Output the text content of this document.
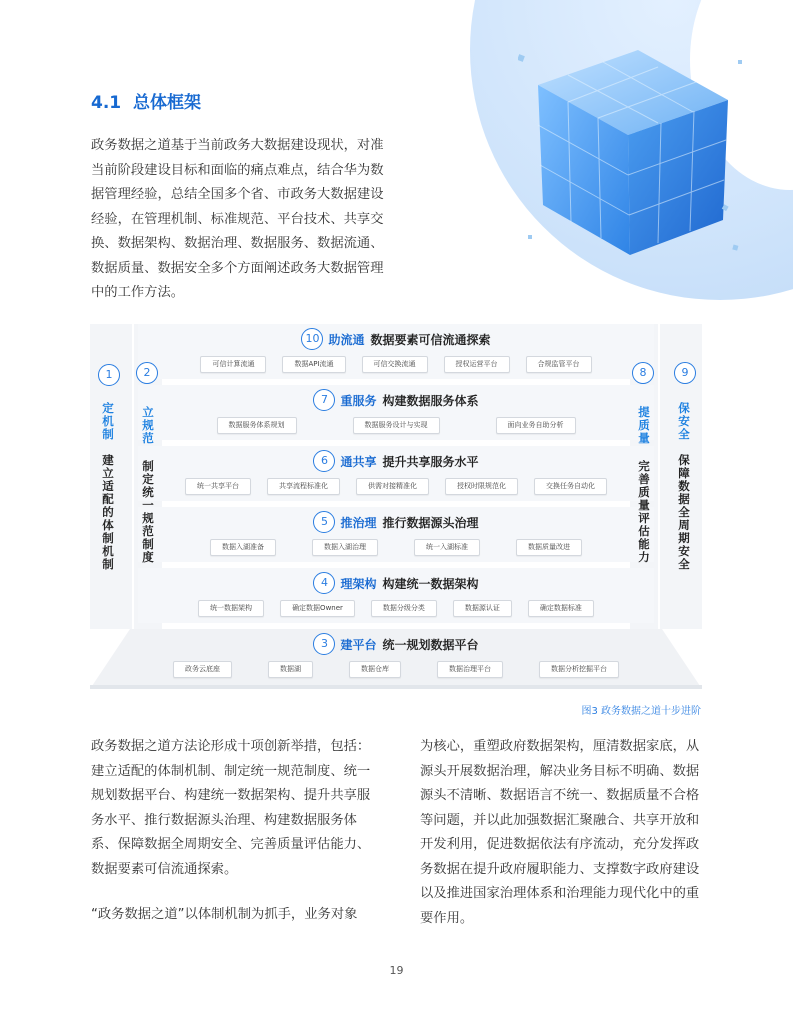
4.1 总体框架

政务数据之道基于当前政务大数据建设现状，对准当前阶段建设目标和面临的痛点难点，结合华为数据管理经验，总结全国多个省、市政务大数据建设经验，在管理机制、标准规范、平台技术、共享交换、数据架构、数据治理、数据服务、数据流通、数据质量、数据安全多个方面阐述政务大数据管理中的工作方法。

10 助流通 数据要素可信流通探索
可信计算流通	数据API流通	可信交换流通	授权运营平台	合规监管平台
7 重服务 构建数据服务体系
数据服务体系规划	数据服务设计与实现	面向业务自助分析
6 通共享 提升共享服务水平
统一共享平台	共享流程标准化	供需对接精准化	授权时限规范化	交换任务自动化
5 推治理 推行数据源头治理
数据入湖准备	数据入湖治理	统一入湖标准	数据质量改进
4 理架构 构建统一数据架构
统一数据架构	确定数据Owner	数据分级分类	数据源认证	确定数据标准
3 建平台 统一规划数据平台
政务云底座	数据湖	数据仓库	数据治理平台	数据分析挖掘平台
1
定机制
建立适配的体制机制
2
立规范
制定统一规范制度
8
提质量
完善质量评估能力
9
保安全
保障数据全周期安全

图3 政务数据之道十步进阶

政务数据之道方法论形成十项创新举措，包括：建立适配的体制机制、制定统一规范制度、统一规划数据平台、构建统一数据架构、提升共享服务水平、推行数据源头治理、构建数据服务体系、保障数据全周期安全、完善质量评估能力、数据要素可信流通探索。

“政务数据之道”以体制机制为抓手，业务对象

为核心，重塑政府数据架构，厘清数据家底，从源头开展数据治理，解决业务目标不明确、数据源头不清晰、数据语言不统一、数据质量不合格等问题，并以此加强数据汇聚融合、共享开放和开发利用，促进数据依法有序流动，充分发挥政务数据在提升政府履职能力、支撑数字政府建设以及推进国家治理体系和治理能力现代化中的重要作用。

19
